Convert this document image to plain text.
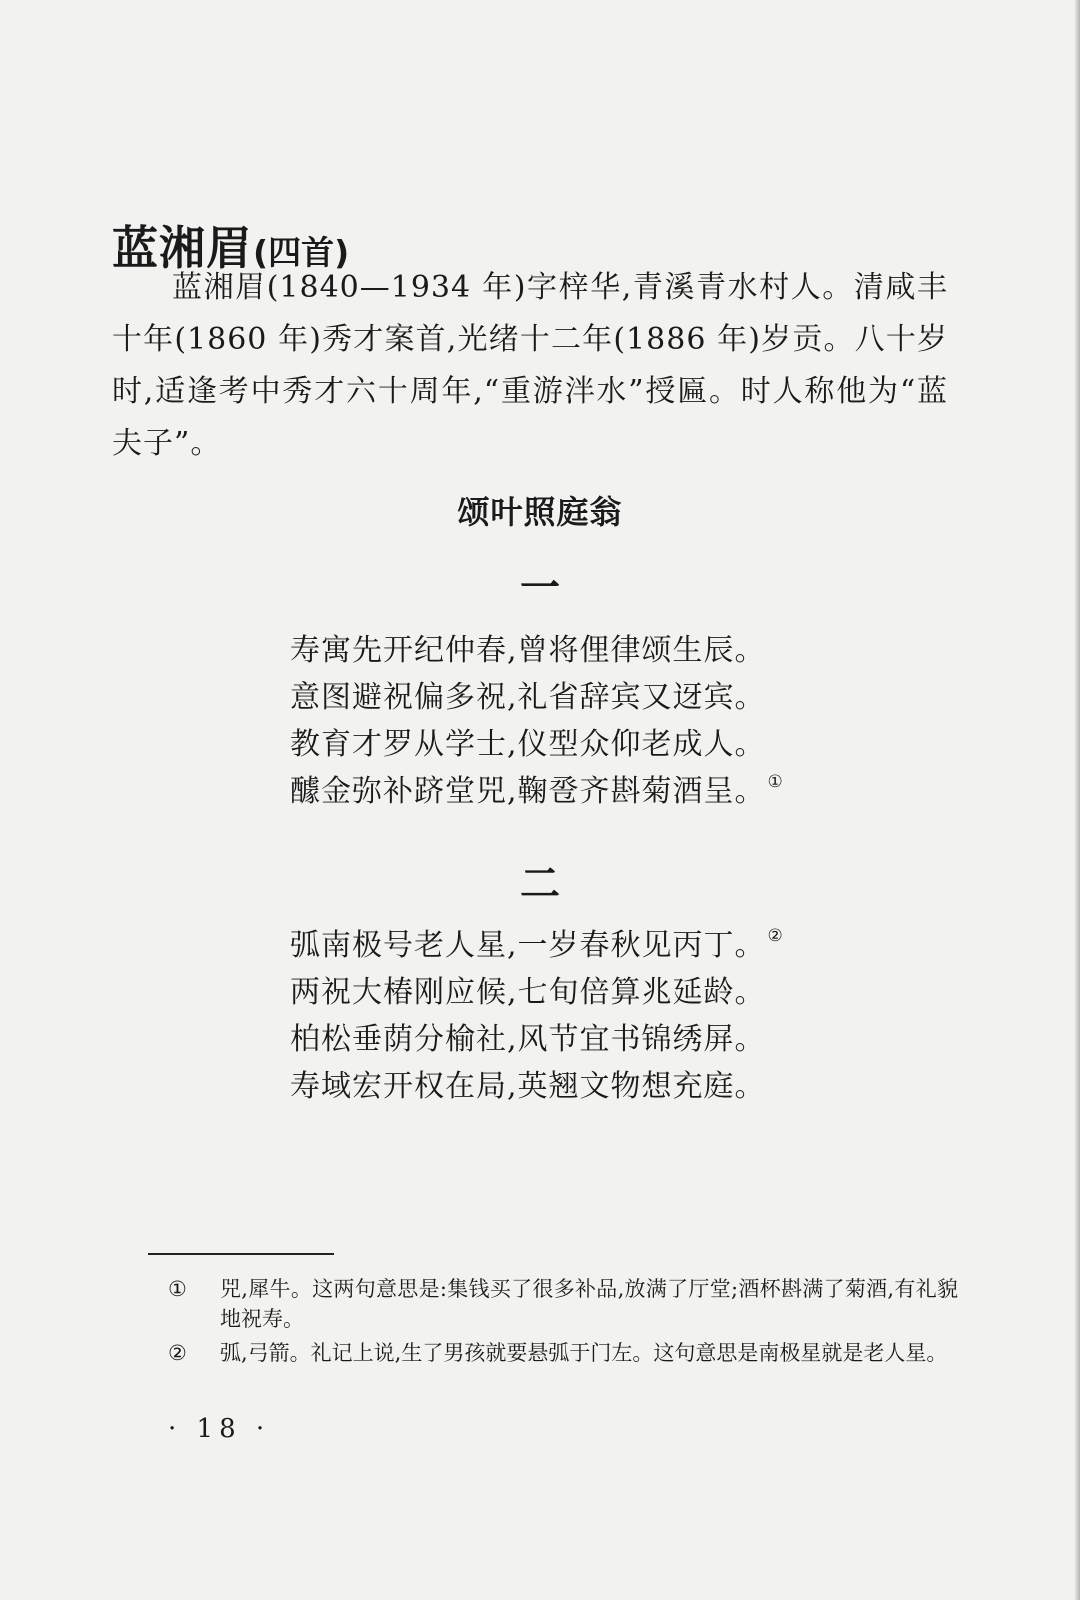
蓝湘眉(四首)
蓝湘眉(1840—1934 年)字梓华,青溪青水村人。清咸丰十年(1860 年)秀才案首,光绪十二年(1886 年)岁贡。八十岁时,适逢考中秀才六十周年,“重游泮水”授匾。时人称他为“蓝夫子”。
颂叶照庭翁
一
寿寓先开纪仲春,曾将俚律颂生辰。
意图避祝偏多祝,礼省辞宾又迓宾。
教育才罗从学士,仪型众仰老成人。
醵金弥补跻堂兕,鞠卺齐斟菊酒呈。 ①
二
弧南极号老人星,一岁春秋见丙丁。 ②
两祝大椿刚应候,七旬倍算兆延龄。
柏松垂荫分榆社,风节宜书锦绣屏。
寿域宏开权在局,英翘文物想充庭。
①	兕,犀牛。这两句意思是:集钱买了很多补品,放满了厅堂;酒杯斟满了菊酒,有礼貌地祝寿。
②	弧,弓箭。礼记上说,生了男孩就要悬弧于门左。这句意思是南极星就是老人星。
· 18 ·
